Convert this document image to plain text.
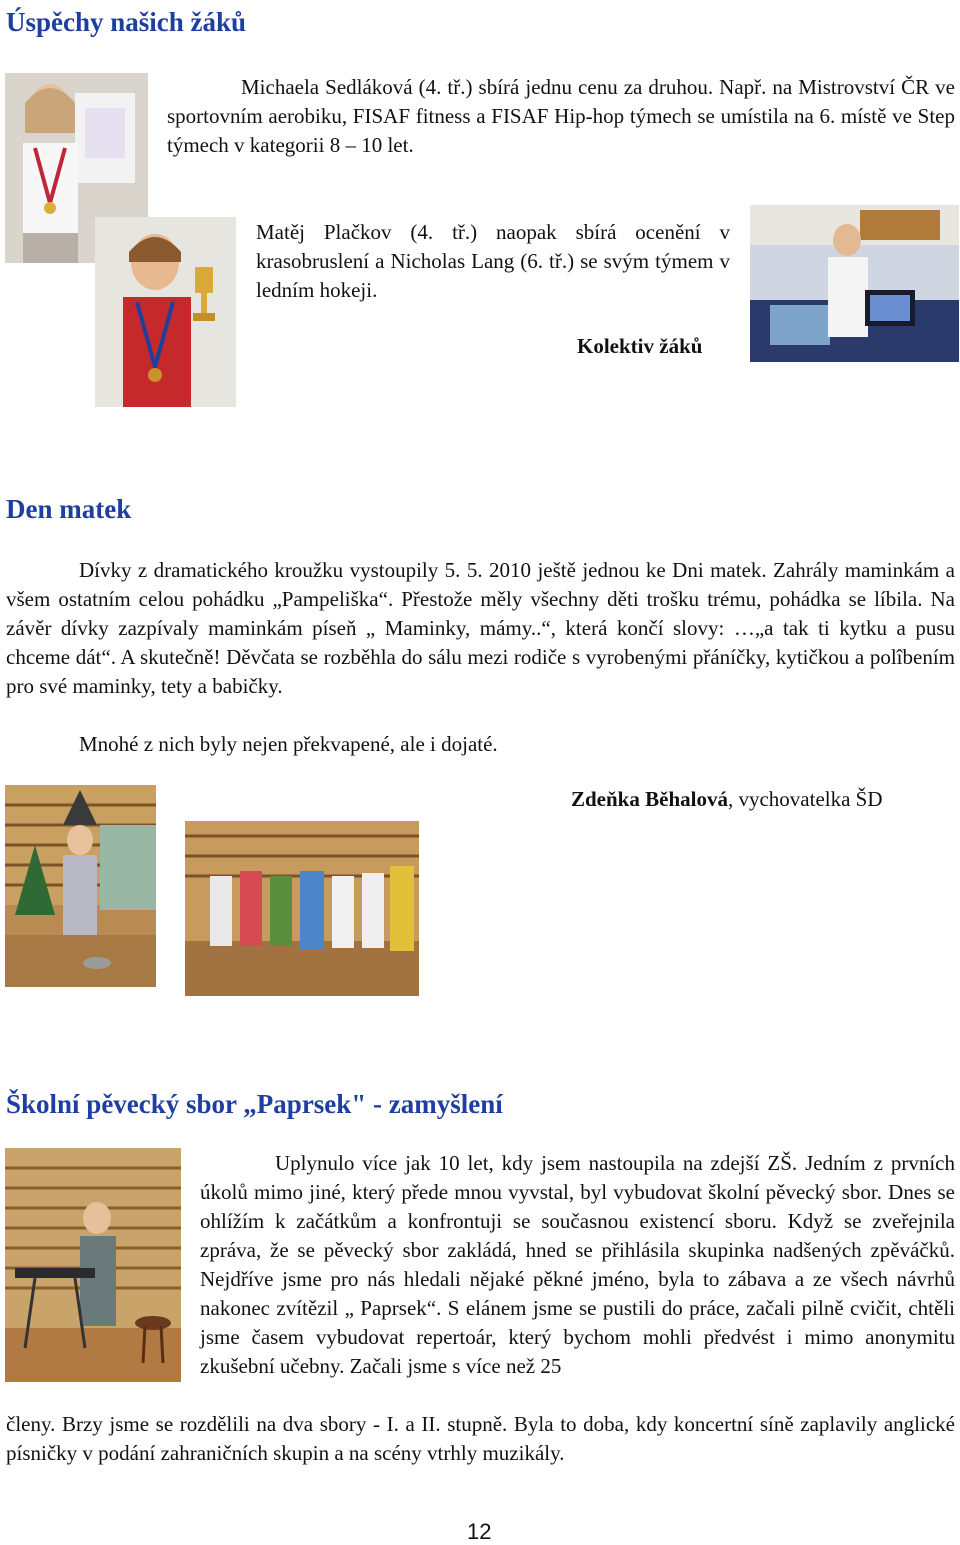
Úspěchy našich žáků

Michaela Sedláková (4. tř.) sbírá jednu cenu za druhou. Např. na Mistrovství ČR ve sportovním aerobiku, FISAF fitness a FISAF Hip-hop týmech se umístila na 6. místě ve Step týmech v kategorii 8 – 10 let.

Matěj Plačkov (4. tř.) naopak sbírá ocenění v krasobruslení a Nicholas Lang (6. tř.) se svým týmem v ledním hokeji.

Kolektiv žáků
Den matek

Dívky z dramatického kroužku vystoupily 5. 5. 2010 ještě jednou ke Dni matek. Zahrály maminkám a všem ostatním celou pohádku „Pampeliška“. Přestože měly všechny děti trošku trému, pohádka se líbila. Na závěr dívky zazpívaly maminkám píseň „ Maminky, mámy..“, která končí slovy: …„a tak ti kytku a pusu chceme dát“. A skutečně! Děvčata se rozběhla do sálu mezi rodiče s vyrobenými přáníčky, kytičkou a polîbením pro své maminky, tety a babičky.

Mnohé z nich byly nejen překvapené, ale i dojaté.

Zdeňka Běhalová, vychovatelka ŠD
Školní pěvecký sbor „Paprsek" - zamyšlení

Uplynulo více jak 10 let, kdy jsem nastoupila na zdejší ZŠ. Jedním z prvních úkolů mimo jiné, který přede mnou vyvstal, byl vybudovat školní pěvecký sbor. Dnes se ohlížím k začátkům a konfrontuji se současnou existencí sboru. Když se zveřejnila zpráva, že se pěvecký sbor zakládá, hned se přihlásila skupinka nadšených zpěváčků. Nejdříve jsme pro nás hledali nějaké pěkné jméno, byla to zábava a ze všech návrhů nakonec zvítězil „ Paprsek“. S elánem jsme se pustili do práce, začali pilně cvičit, chtěli jsme časem vybudovat repertoár, který bychom mohli předvést i mimo anonymitu zkušební učebny. Začali jsme s více než 25

členy. Brzy jsme se rozdělili na dva sbory - I. a II. stupně. Byla to doba, kdy koncertní síně zaplavily anglické písničky v podání zahraničních skupin a na scény vtrhly muzikály.

12
